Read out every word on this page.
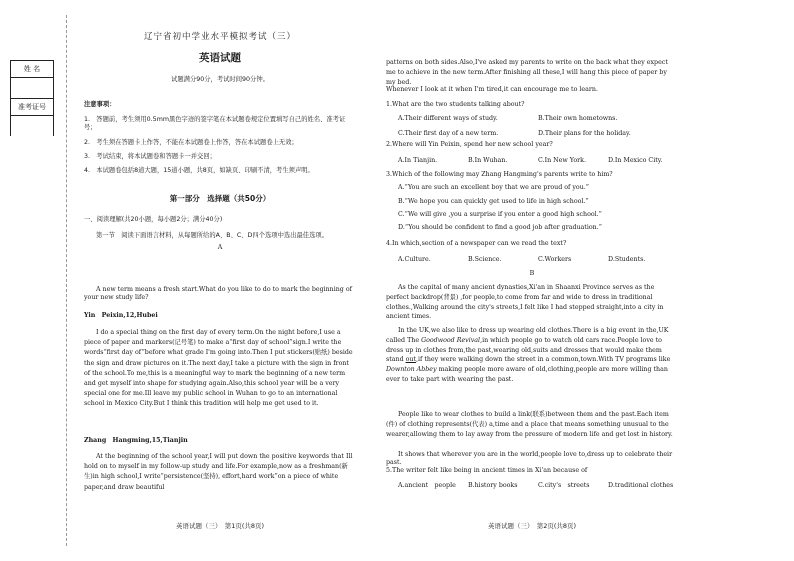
姓 名
准考证号
辽宁省初中学业水平模拟考试（三）
英语试题
试题满分90分，考试时间90分钟。
注意事项：

1.　答题前，考生须用0.5mm黑色字迹的签字笔在本试题卷规定位置填写自己的姓名、准考证号；

2.　考生须在答题卡上作答，不能在本试题卷上作答，答在本试题卷上无效；

3.　考试结束，将本试题卷和答题卡一并交回；

4.　本试题卷包括8道大题，15道小题，共8页，如缺页、印刷不清，考生须声明。

第一部分　选择题（共50分）
一、阅读理解(共20小题，每小题2分；满分40分)
第一节　阅读下面语言材料，从每题所给的A、B、C、D四个选项中选出最佳选项。
A
A new term means a fresh start.What do you like to do to mark the beginning of your new study life?
Yin　Peixin,12,Hubei
I do a special thing on the first day of every term.On the night before,I use a piece of paper and markers(记号笔) to make a“first day of school”sign.I write the words“first day of”before what grade I'm going into.Then I put stickers(贴纸) beside the sign and draw pictures on it.The next day,I take a picture with the sign in front of the school.To me,this is a meaningful way to mark the beginning of a new term and get myself into shape for studying again.Also,this school year will be a very special one for me.Ill leave my public school in Wuhan to go to an international school in Mexico City.But I think this tradition will help me get used to it.
Zhang　Hangming,15,Tianjin
At the beginning of the school year,I will put down the positive keywords that Ill hold on to myself in my follow-up study and life.For example,now as a freshman(新生)in high school,I write“persistence(坚持), effort,hard work”on a piece of white paper,and draw beautiful
英语试题（三）　第1页(共8页)
patterns on both sides.Also,I've asked my parents to write on the back what they expect me to achieve in the new term.After finishing all these,I will hang this piece of paper by my bed.
Whenever I look at it when I'm tired,it can encourage me to learn.

1.What are the two students talking about?

A.Their different ways of study.	B.Their own hometowns.
C.Their first day of a new term.	D.Their plans for the holiday.

2.Where will Yin Peixin, spend her new school year?

A.In Tianjin.	B.In Wuhan.	C.In New York.	D.In Mexico City.

3.Which of the following may Zhang Hangming's parents write to him?

A.“You are such an excellent boy that we are proud of you.”

B.“We hope you can quickly get used to life in high school.”

C.“We will give ,you a surprise if you enter a good high school.”

D.“You should be confident to find a good job after graduation.”

4.In which,section of a newspaper can we read the text?

A.Culture.	B.Science.	C.Workers	D.Students.
B
As the capital of many ancient dynasties,Xi'an in Shaanxi Province serves as the perfect backdrop(背景) ,for people,to come from far and wide to dress in traditional clothes.,Walking around the city's streets,I felt like I had stepped straight,into a city in ancient times.

In the UK,we also like to dress up wearing old clothes.There is a big event in the,UK called The Goodwood Revival,in which people go to watch old cars race.People love to dress up in clothes from,the past,wearing old,suits and dresses that would make them stand out,if they were walking down the street in a common,town.With TV programs like Downton Abbey making people more aware of old,clothing,people are more willing than ever to take part with wearing the past.

People like to wear clothes to build a link(联系)between them and the past.Each item (件) of clothing represents(代表) a,time and a place that means something unusual to the wearer,allowing them to lay away from the pressure of modern life and get lost in history.
It shows that wherever you are in the world,people love to,dress up to celebrate their past.

5.The writer felt like being in ancient times in Xi'an because of

A.ancient　people	B.history books	C.city's　streets	D.traditional clothes
英语试题（三）　第2页(共8页)
